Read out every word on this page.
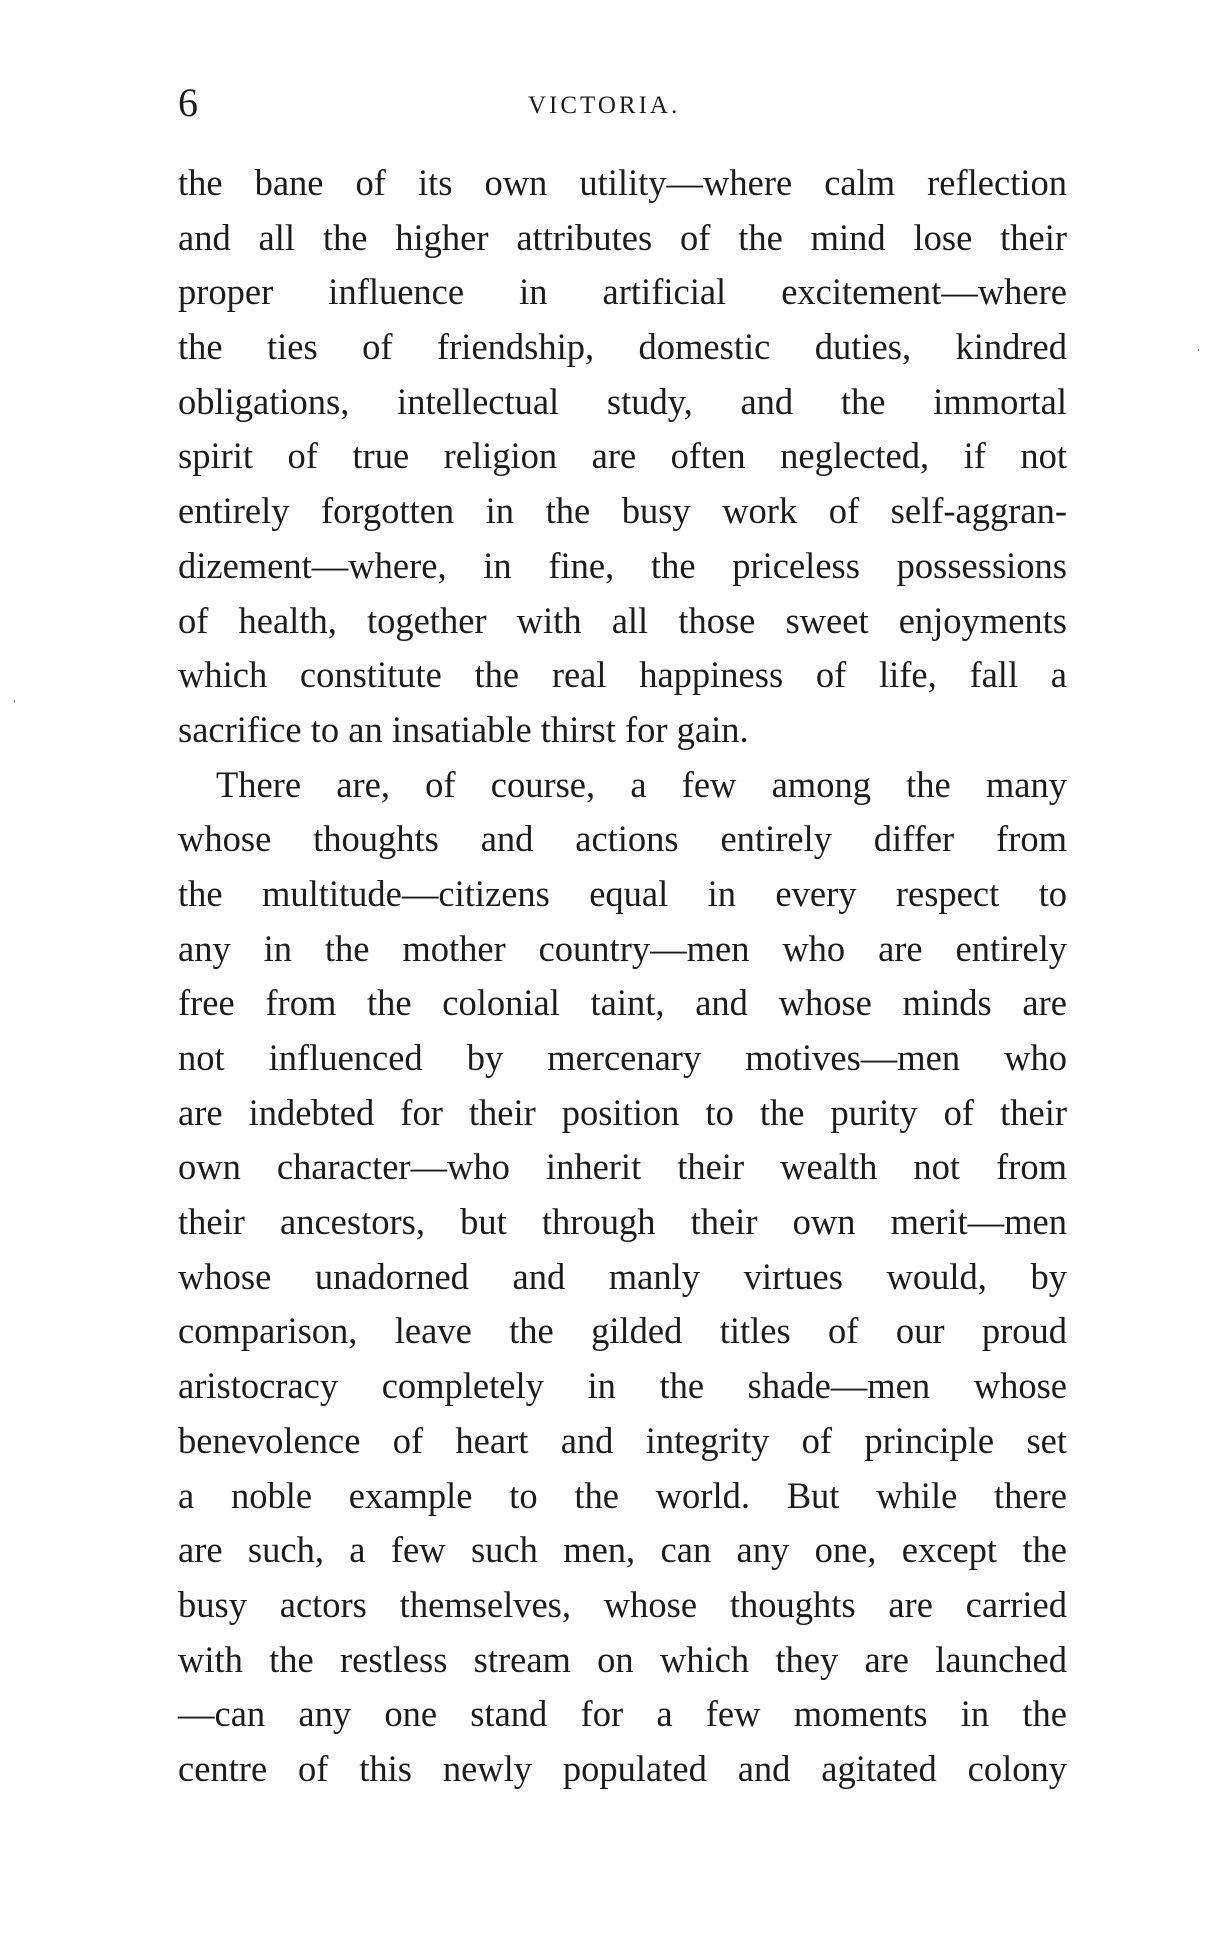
6	VICTORIA.
the bane of its own utility—where calm reflection
and all the higher attributes of the mind lose their
proper influence in artificial excitement—where
the ties of friendship, domestic duties, kindred
obligations, intellectual study, and the immortal
spirit of true religion are often neglected, if not
entirely forgotten in the busy work of self-aggran-
dizement—where, in fine, the priceless possessions
of health, together with all those sweet enjoyments
which constitute the real happiness of life, fall a
sacrifice to an insatiable thirst for gain.
There are, of course, a few among the many
whose thoughts and actions entirely differ from
the multitude—citizens equal in every respect to
any in the mother country—men who are entirely
free from the colonial taint, and whose minds are
not influenced by mercenary motives—men who
are indebted for their position to the purity of their
own character—who inherit their wealth not from
their ancestors, but through their own merit—men
whose unadorned and manly virtues would, by
comparison, leave the gilded titles of our proud
aristocracy completely in the shade—men whose
benevolence of heart and integrity of principle set
a noble example to the world. But while there
are such, a few such men, can any one, except the
busy actors themselves, whose thoughts are carried
with the restless stream on which they are launched
—can any one stand for a few moments in the
centre of this newly populated and agitated colony
